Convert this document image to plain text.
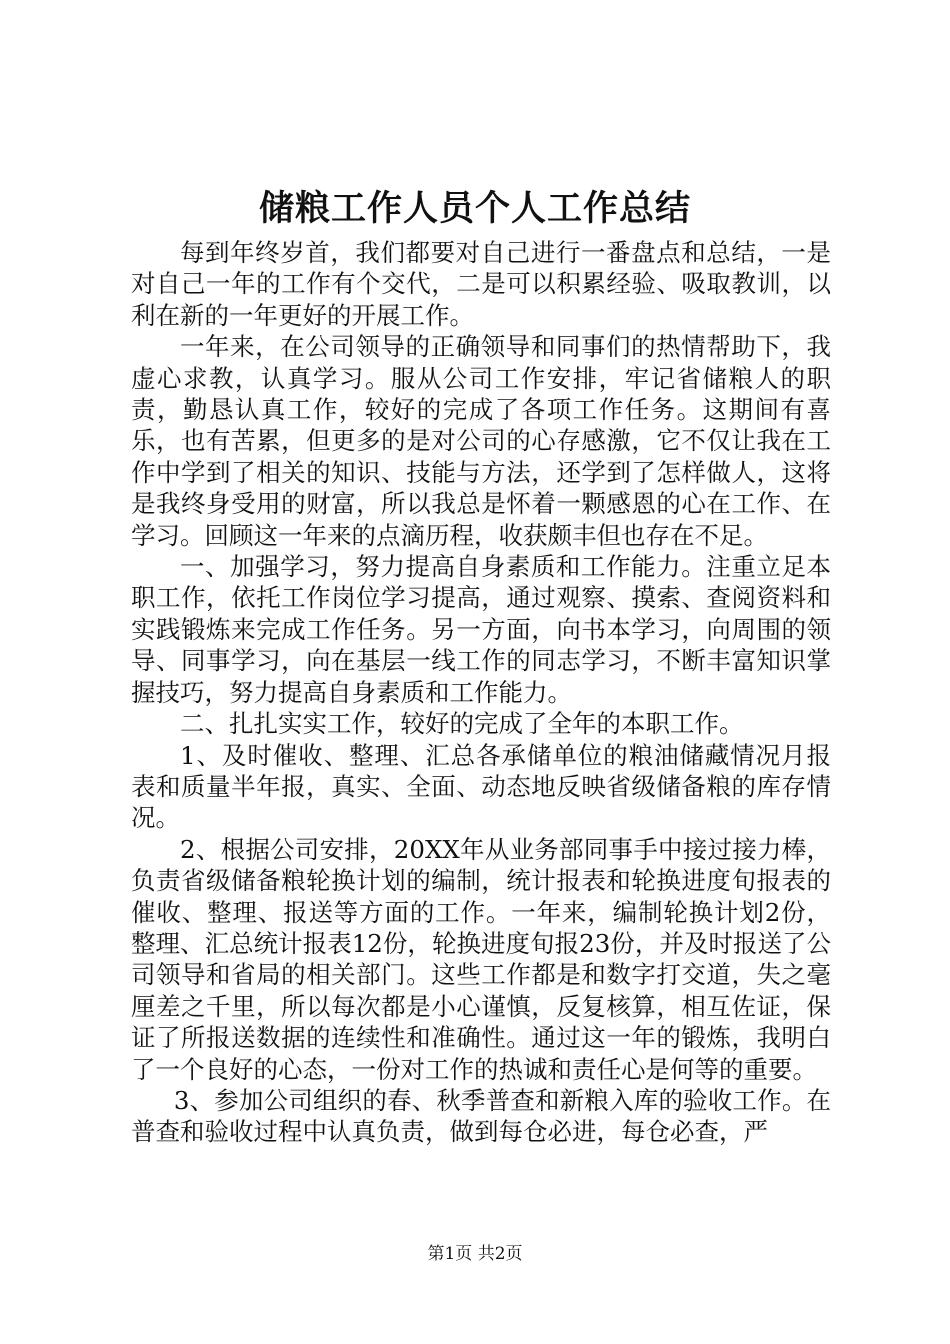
储粮工作人员个人工作总结

每到年终岁首，我们都要对自己进行一番盘点和总结，一是对自己一年的工作有个交代，二是可以积累经验、吸取教训，以利在新的一年更好的开展工作。

一年来，在公司领导的正确领导和同事们的热情帮助下，我虚心求教，认真学习。服从公司工作安排，牢记省储粮人的职责，勤恳认真工作，较好的完成了各项工作任务。这期间有喜乐，也有苦累，但更多的是对公司的心存感激，它不仅让我在工作中学到了相关的知识、技能与方法，还学到了怎样做人，这将是我终身受用的财富，所以我总是怀着一颗感恩的心在工作、在学习。回顾这一年来的点滴历程，收获颇丰但也存在不足。

一、加强学习，努力提高自身素质和工作能力。注重立足本职工作，依托工作岗位学习提高，通过观察、摸索、查阅资料和实践锻炼来完成工作任务。另一方面，向书本学习，向周围的领导、同事学习，向在基层一线工作的同志学习，不断丰富知识掌握技巧，努力提高自身素质和工作能力。

二、扎扎实实工作，较好的完成了全年的本职工作。

1、及时催收、整理、汇总各承储单位的粮油储藏情况月报表和质量半年报，真实、全面、动态地反映省级储备粮的库存情况。

2、根据公司安排，20XX年从业务部同事手中接过接力棒，负责省级储备粮轮换计划的编制，统计报表和轮换进度旬报表的催收、整理、报送等方面的工作。一年来，编制轮换计划2份，整理、汇总统计报表12份，轮换进度旬报23份，并及时报送了公司领导和省局的相关部门。这些工作都是和数字打交道，失之毫厘差之千里，所以每次都是小心谨慎，反复核算，相互佐证，保证了所报送数据的连续性和准确性。通过这一年的锻炼，我明白了一个良好的心态，一份对工作的热诚和责任心是何等的重要。

3、参加公司组织的春、秋季普查和新粮入库的验收工作。在普查和验收过程中认真负责，做到每仓必进，每仓必查，严

第1页 共2页
